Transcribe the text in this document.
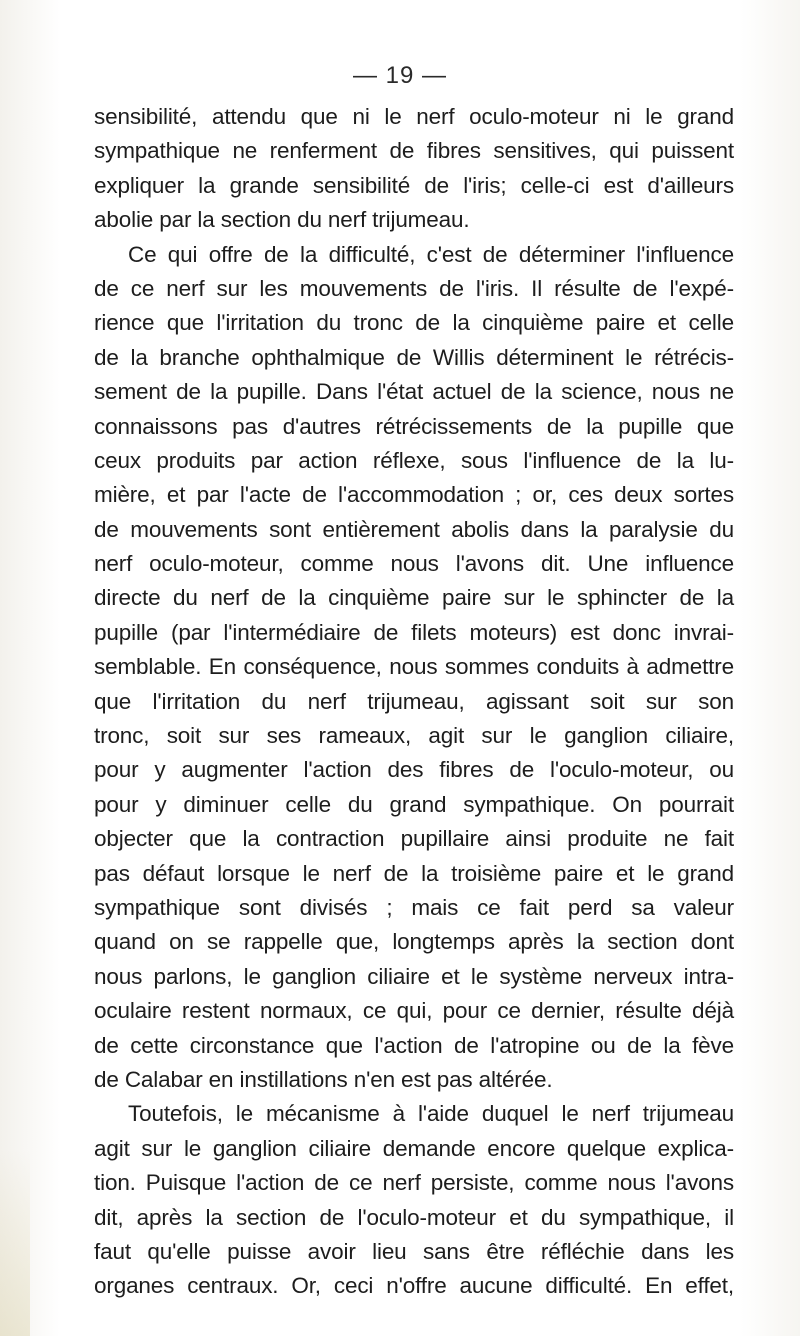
— 19 —
sensibilité, attendu que ni le nerf oculo-moteur ni le grand
sympathique ne renferment de fibres sensitives, qui puissent
expliquer la grande sensibilité de l'iris; celle-ci est d'ailleurs
abolie par la section du nerf trijumeau.
Ce qui offre de la difficulté, c'est de déterminer l'influence
de ce nerf sur les mouvements de l'iris. Il résulte de l'expé-
rience que l'irritation du tronc de la cinquième paire et celle
de la branche ophthalmique de Willis déterminent le rétrécis-
sement de la pupille. Dans l'état actuel de la science, nous ne
connaissons pas d'autres rétrécissements de la pupille que
ceux produits par action réflexe, sous l'influence de la lu-
mière, et par l'acte de l'accommodation ; or, ces deux sortes
de mouvements sont entièrement abolis dans la paralysie du
nerf oculo-moteur, comme nous l'avons dit. Une influence
directe du nerf de la cinquième paire sur le sphincter de la
pupille (par l'intermédiaire de filets moteurs) est donc invrai-
semblable. En conséquence, nous sommes conduits à admettre
que l'irritation du nerf trijumeau, agissant soit sur son
tronc, soit sur ses rameaux, agit sur le ganglion ciliaire,
pour y augmenter l'action des fibres de l'oculo-moteur, ou
pour y diminuer celle du grand sympathique. On pourrait
objecter que la contraction pupillaire ainsi produite ne fait
pas défaut lorsque le nerf de la troisième paire et le grand
sympathique sont divisés ; mais ce fait perd sa valeur
quand on se rappelle que, longtemps après la section dont
nous parlons, le ganglion ciliaire et le système nerveux intra-
oculaire restent normaux, ce qui, pour ce dernier, résulte déjà
de cette circonstance que l'action de l'atropine ou de la fève
de Calabar en instillations n'en est pas altérée.
Toutefois, le mécanisme à l'aide duquel le nerf trijumeau
agit sur le ganglion ciliaire demande encore quelque explica-
tion. Puisque l'action de ce nerf persiste, comme nous l'avons
dit, après la section de l'oculo-moteur et du sympathique, il
faut qu'elle puisse avoir lieu sans être réfléchie dans les
organes centraux. Or, ceci n'offre aucune difficulté. En effet,
